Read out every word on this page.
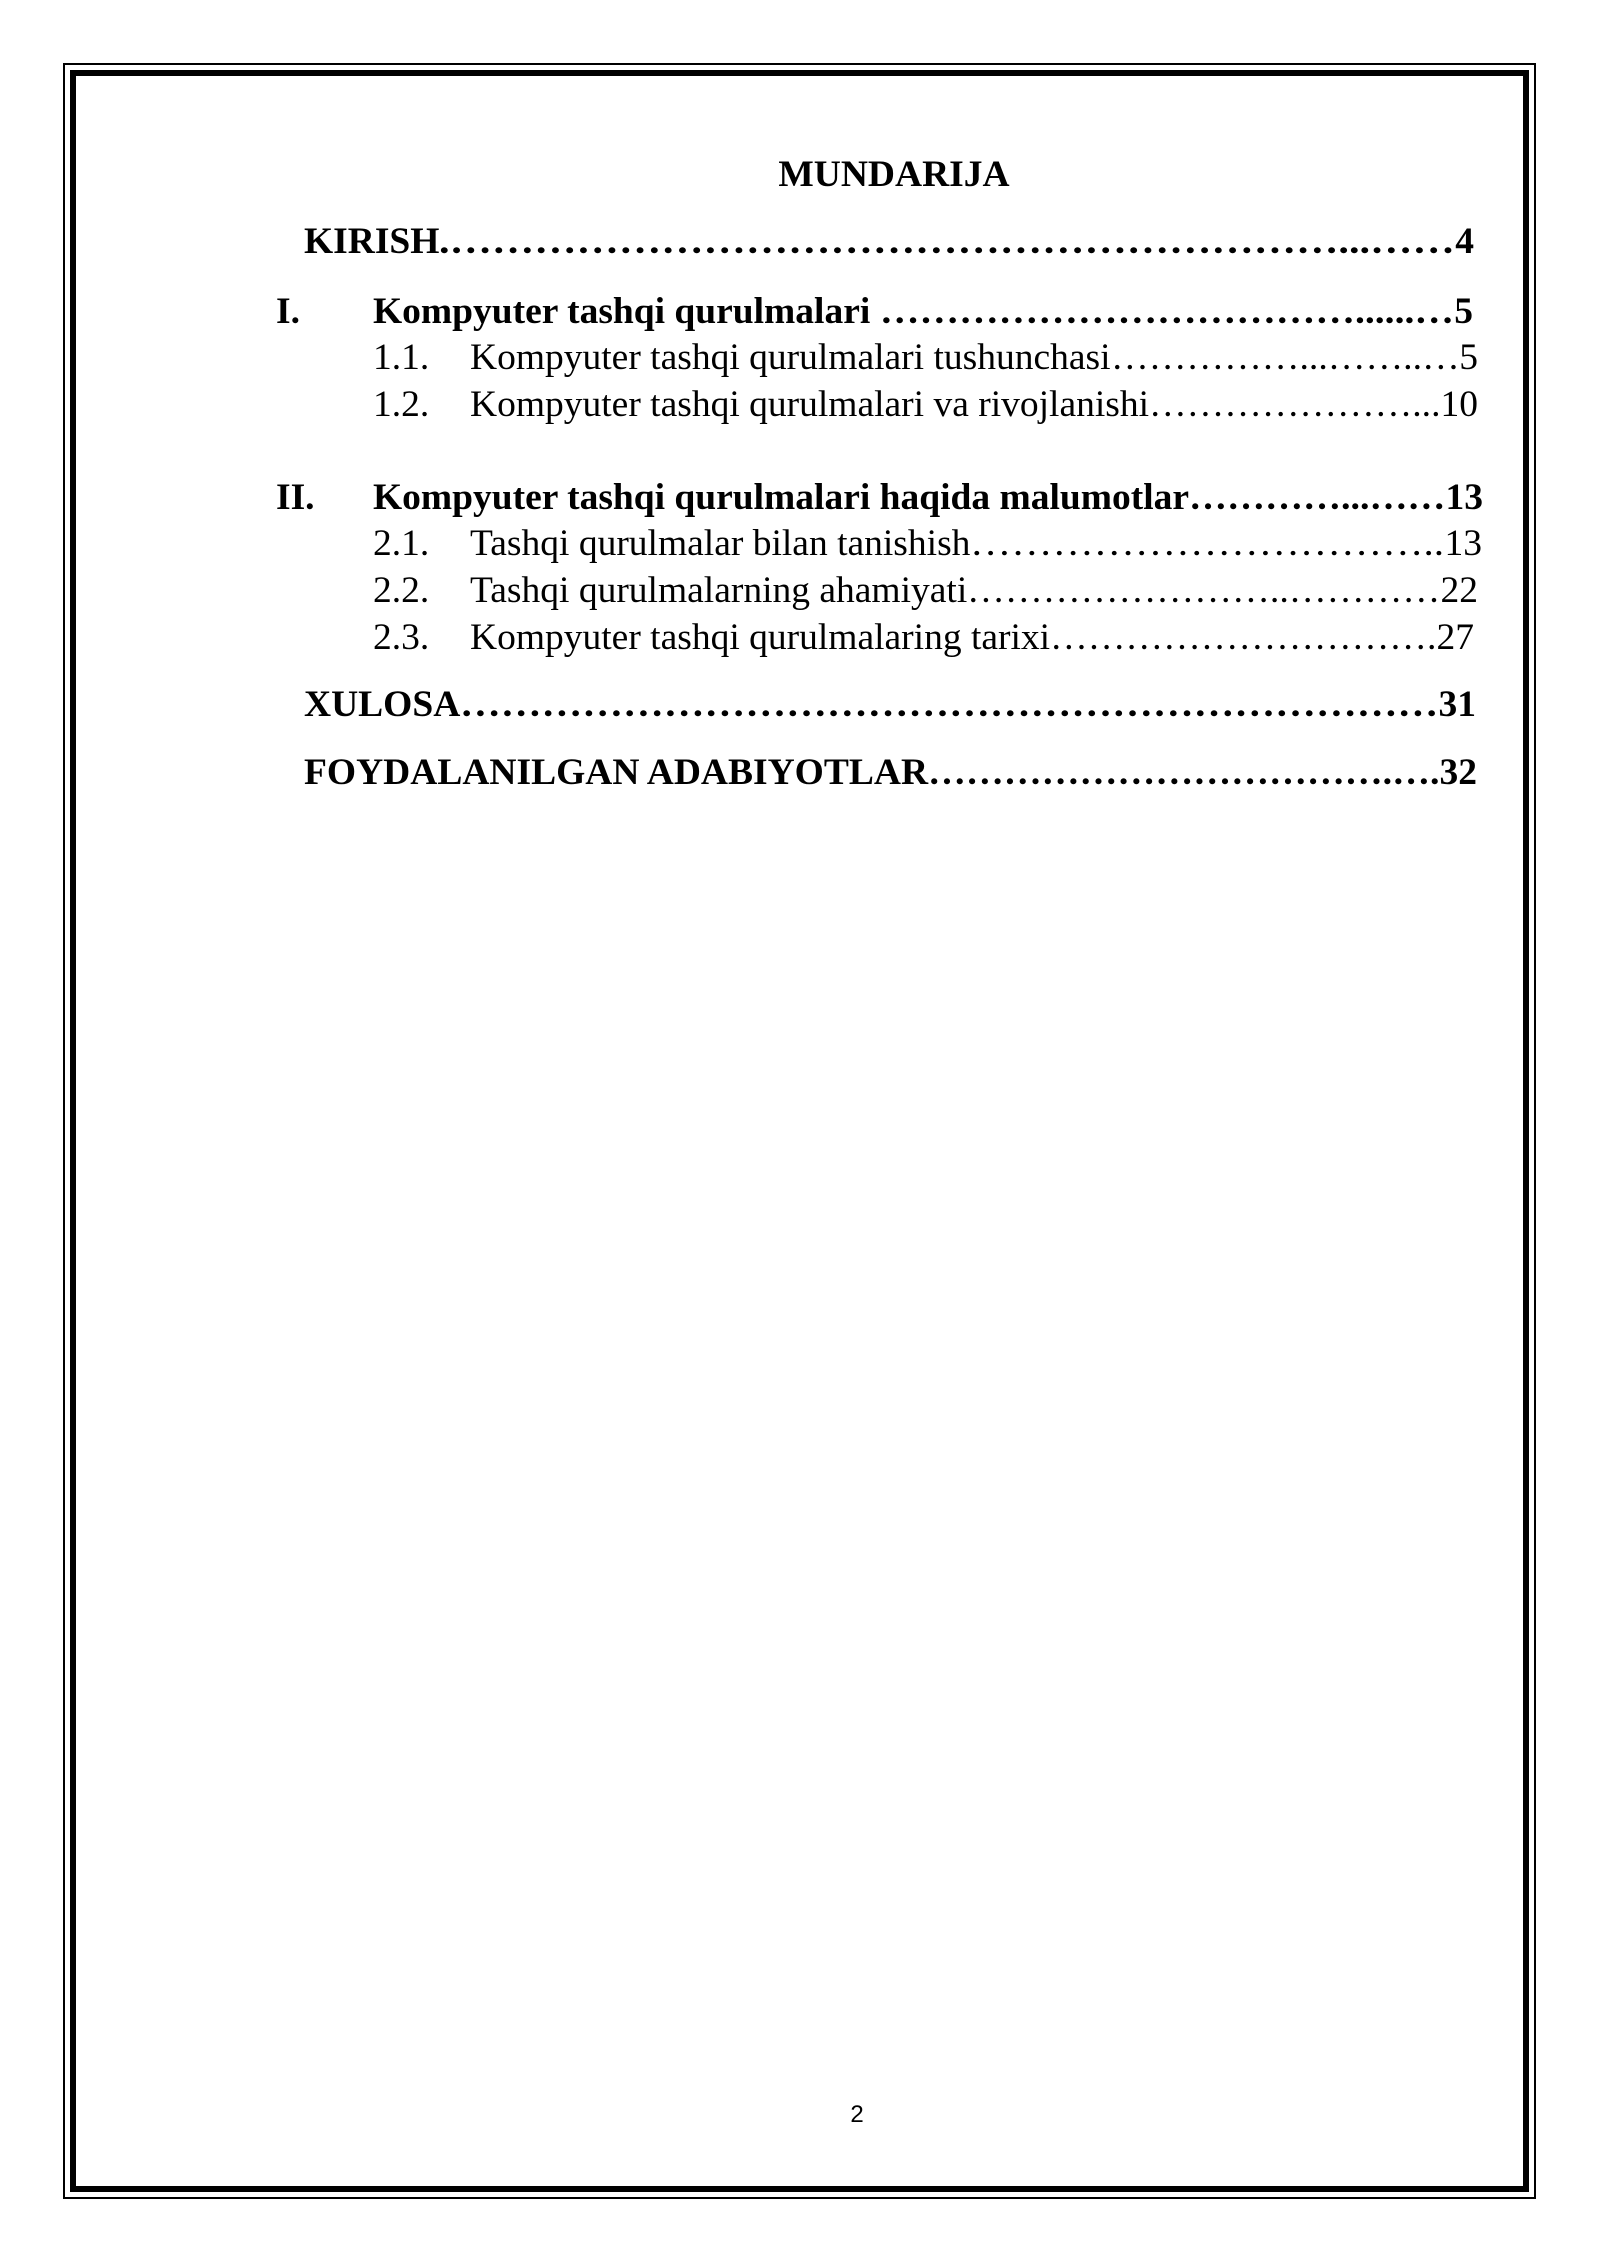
MUNDARIJA
KIRISH .………………………………………………………...…… 4
I.	Kompyuter tashqi qurulmalari ………………………………......… 5
1.1.	Kompyuter tashqi qurulmalari tushunchasi ……………...……..… 5
1.2.	Kompyuter tashqi qurulmalari va rivojlanishi …………………... 10
II.	Kompyuter tashqi qurulmalari haqida malumotlar …………...…… 13
2.1.	Tashqi qurulmalar bilan tanishish …………………………….. 13
2.2.	Tashqi qurulmalarning ahamiyati ……………………..………… 22
2.3.	Kompyuter tashqi qurulmalaring tarixi …………………………. 27
XULOSA ……………………………………………………………… 31
FOYDALANILGAN ADABIYOTLAR ……………………………….…. 32
2
